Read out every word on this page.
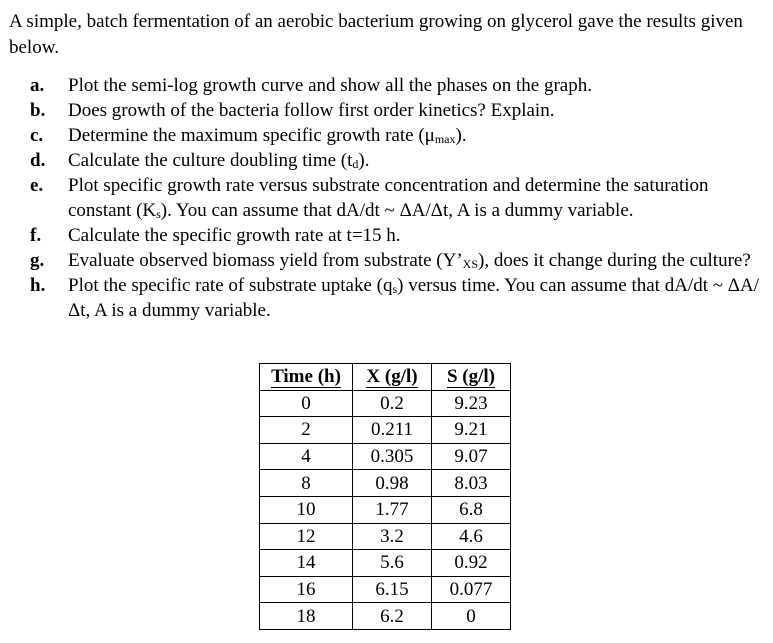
A simple, batch fermentation of an aerobic bacterium growing on glycerol gave the results given below.
a.	Plot the semi-log growth curve and show all the phases on the graph.
b.	Does growth of the bacteria follow first order kinetics? Explain.
c.	Determine the maximum specific growth rate $(\mu_{max})$.
d.	Calculate the culture doubling time $(t_d)$.
e.	Plot specific growth rate versus substrate concentration and determine the saturation constant $(K_s)$. You can assume that dA/dt ~ ΔA/Δt, A is a dummy variable.
f.	Calculate the specific growth rate at t=15 h.
g.	Evaluate observed biomass yield from substrate $(Y’_{XS})$, does it change during the culture?
h.	Plot the specific rate of substrate uptake $(q_s)$ versus time. You can assume that dA/dt ~ ΔA/Δt, A is a dummy variable.
Time (h)	X (g/l)	S (g/l)
0	0.2	9.23
2	0.211	9.21
4	0.305	9.07
8	0.98	8.03
10	1.77	6.8
12	3.2	4.6
14	5.6	0.92
16	6.15	0.077
18	6.2	0
